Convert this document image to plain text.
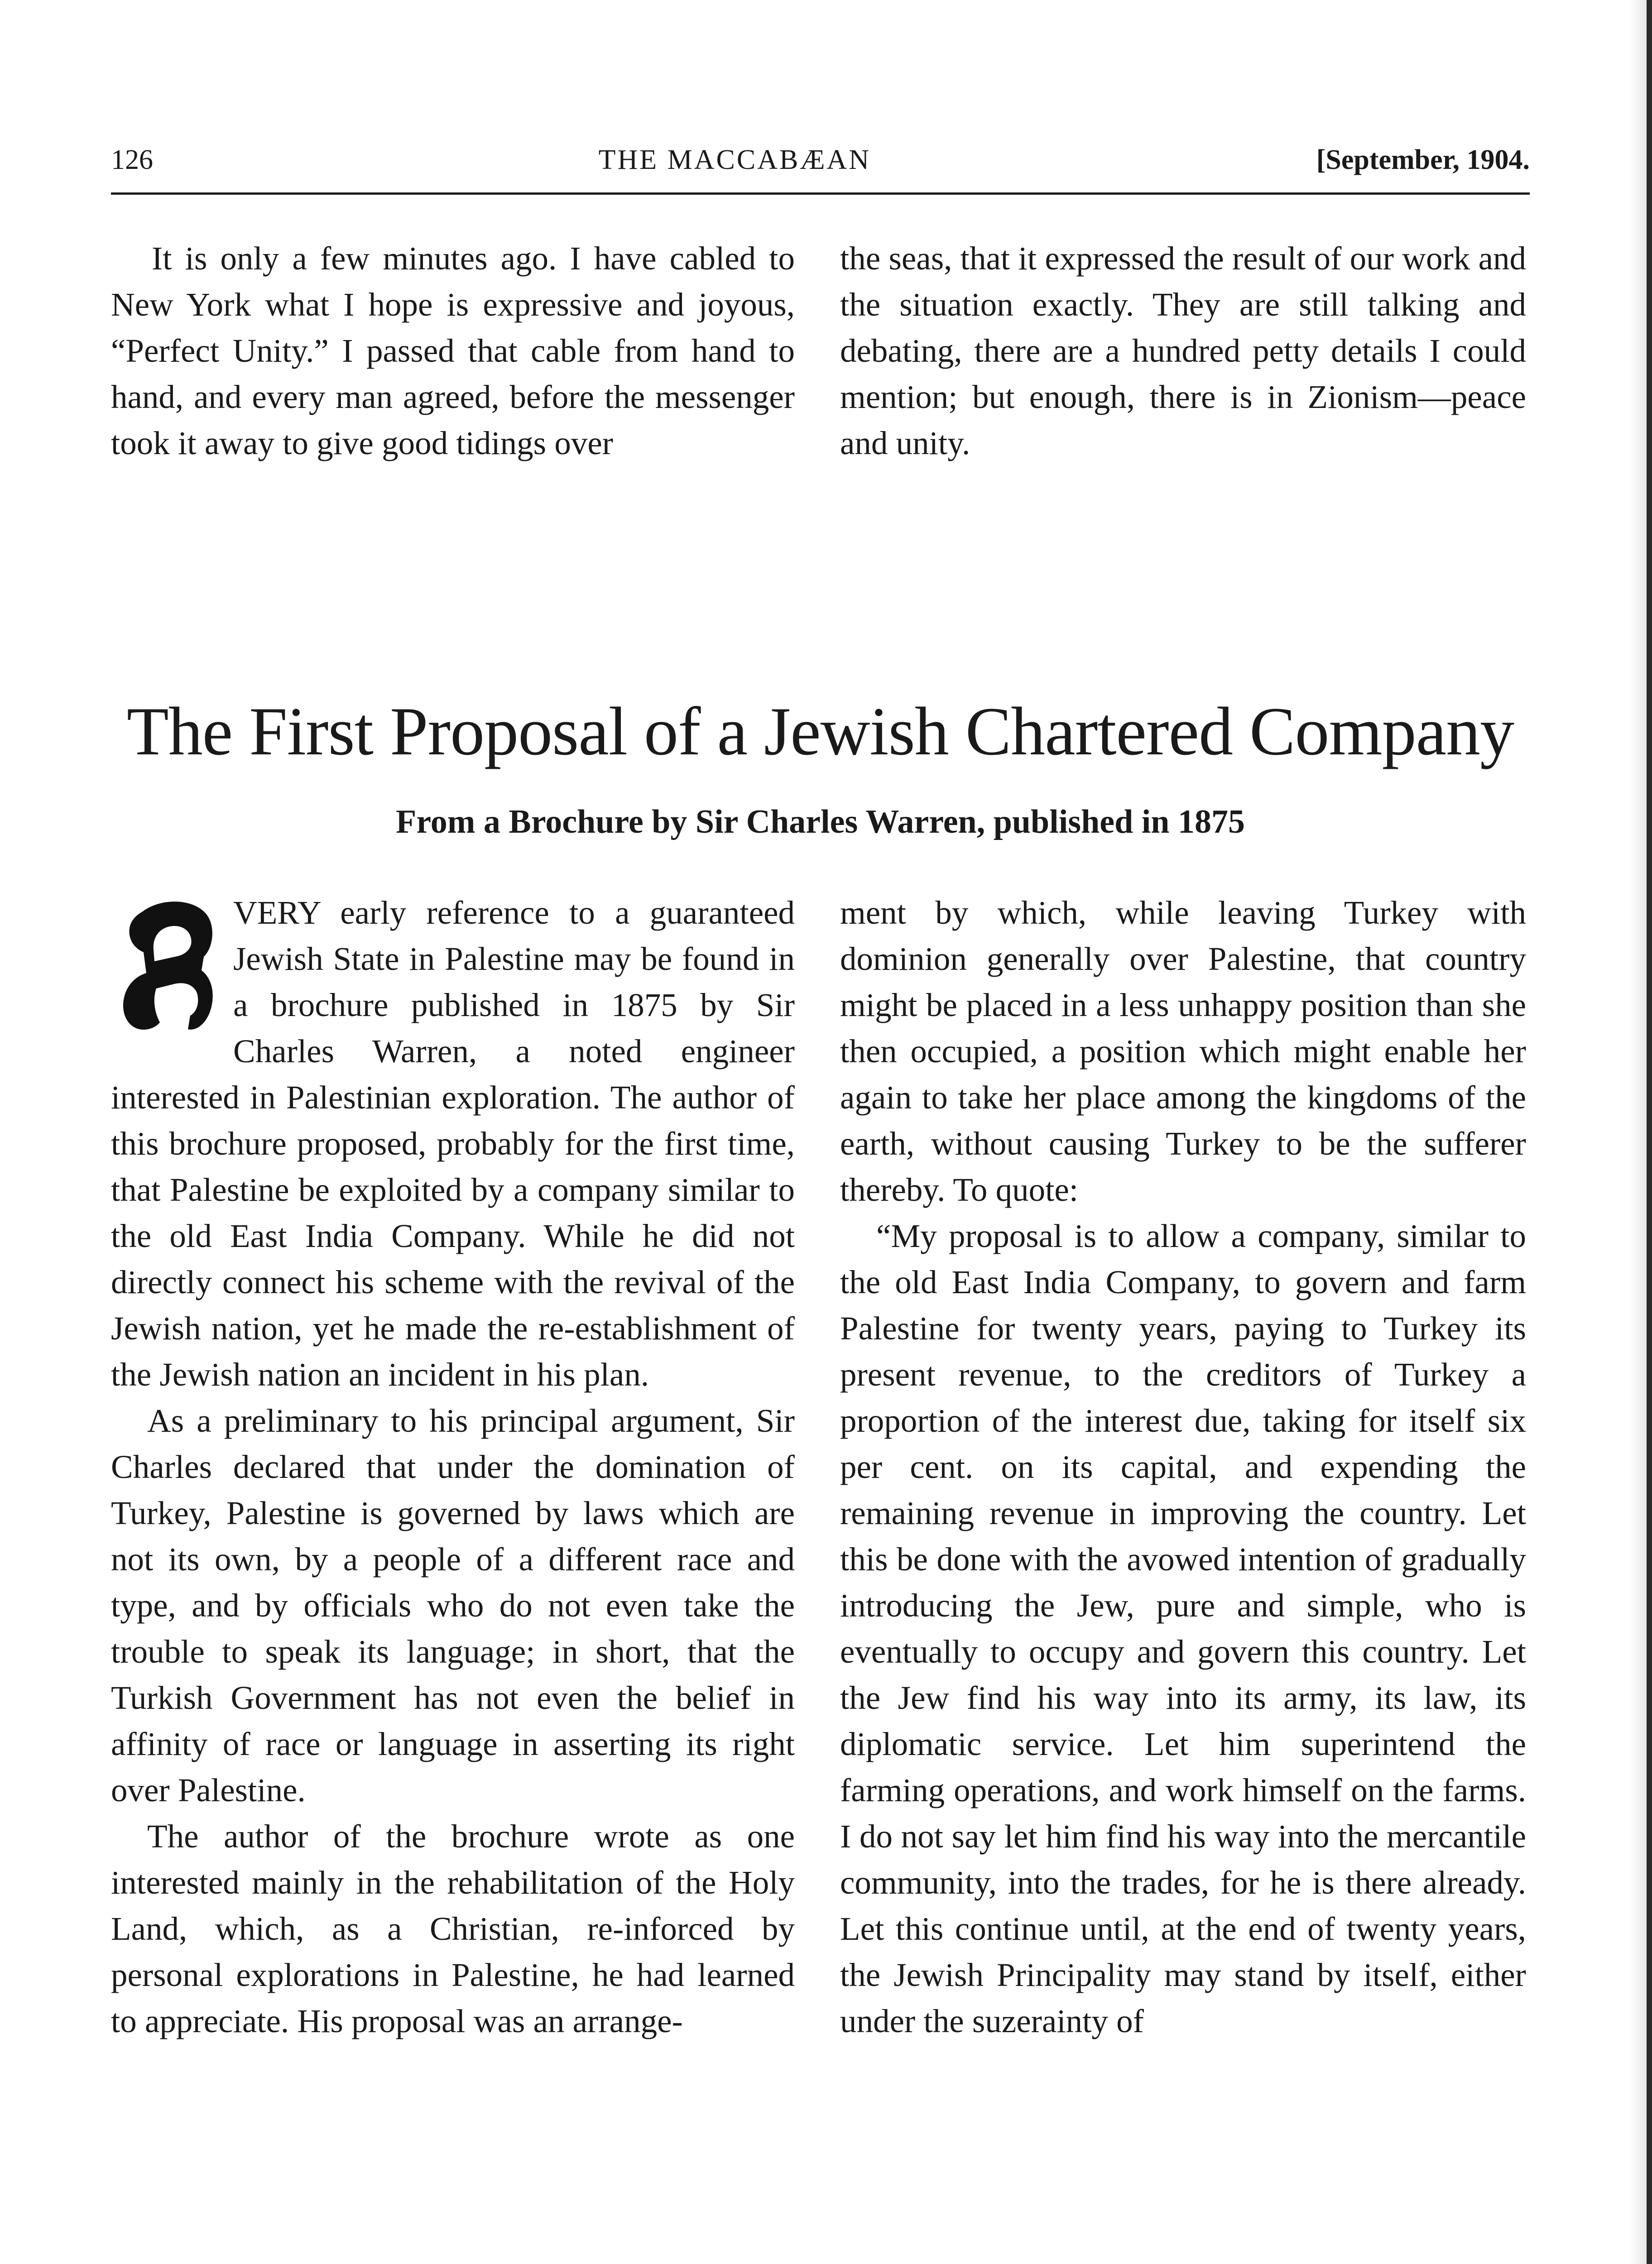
126	THE MACCABÆAN	[September, 1904.

It is only a few minutes ago. I have cabled to New York what I hope is expressive and joyous, “Perfect Unity.” I passed that cable from hand to hand, and every man agreed, before the messenger took it away to give good tidings over

the seas, that it expressed the result of our work and the situation exactly. They are still talking and debating, there are a hundred petty details I could mention; but enough, there is in Zionism—peace and unity.

The First Proposal of a Jewish Chartered Company
From a Brochure by Sir Charles Warren, published in 1875

VERY early reference to a guaranteed Jewish State in Palestine may be found in a brochure published in 1875 by Sir Charles Warren, a noted engineer interested in Palestinian exploration. The author of this brochure proposed, probably for the first time, that Palestine be exploited by a company similar to the old East India Company. While he did not directly connect his scheme with the revival of the Jewish nation, yet he made the re-establishment of the Jewish nation an incident in his plan.

As a preliminary to his principal argument, Sir Charles declared that under the domination of Turkey, Palestine is governed by laws which are not its own, by a people of a different race and type, and by officials who do not even take the trouble to speak its language; in short, that the Turkish Government has not even the belief in affinity of race or language in asserting its right over Palestine.

The author of the brochure wrote as one interested mainly in the rehabilitation of the Holy Land, which, as a Christian, re-inforced by personal explorations in Palestine, he had learned to appreciate. His proposal was an arrange-

ment by which, while leaving Turkey with dominion generally over Palestine, that country might be placed in a less unhappy position than she then occupied, a position which might enable her again to take her place among the kingdoms of the earth, without causing Turkey to be the sufferer thereby. To quote:

“My proposal is to allow a company, similar to the old East India Company, to govern and farm Palestine for twenty years, paying to Turkey its present revenue, to the creditors of Turkey a proportion of the interest due, taking for itself six per cent. on its capital, and expending the remaining revenue in improving the country. Let this be done with the avowed intention of gradually introducing the Jew, pure and simple, who is eventually to occupy and govern this country. Let the Jew find his way into its army, its law, its diplomatic service. Let him superintend the farming operations, and work himself on the farms. I do not say let him find his way into the mercantile community, into the trades, for he is there already. Let this continue until, at the end of twenty years, the Jewish Principality may stand by itself, either under the suzerainty of
